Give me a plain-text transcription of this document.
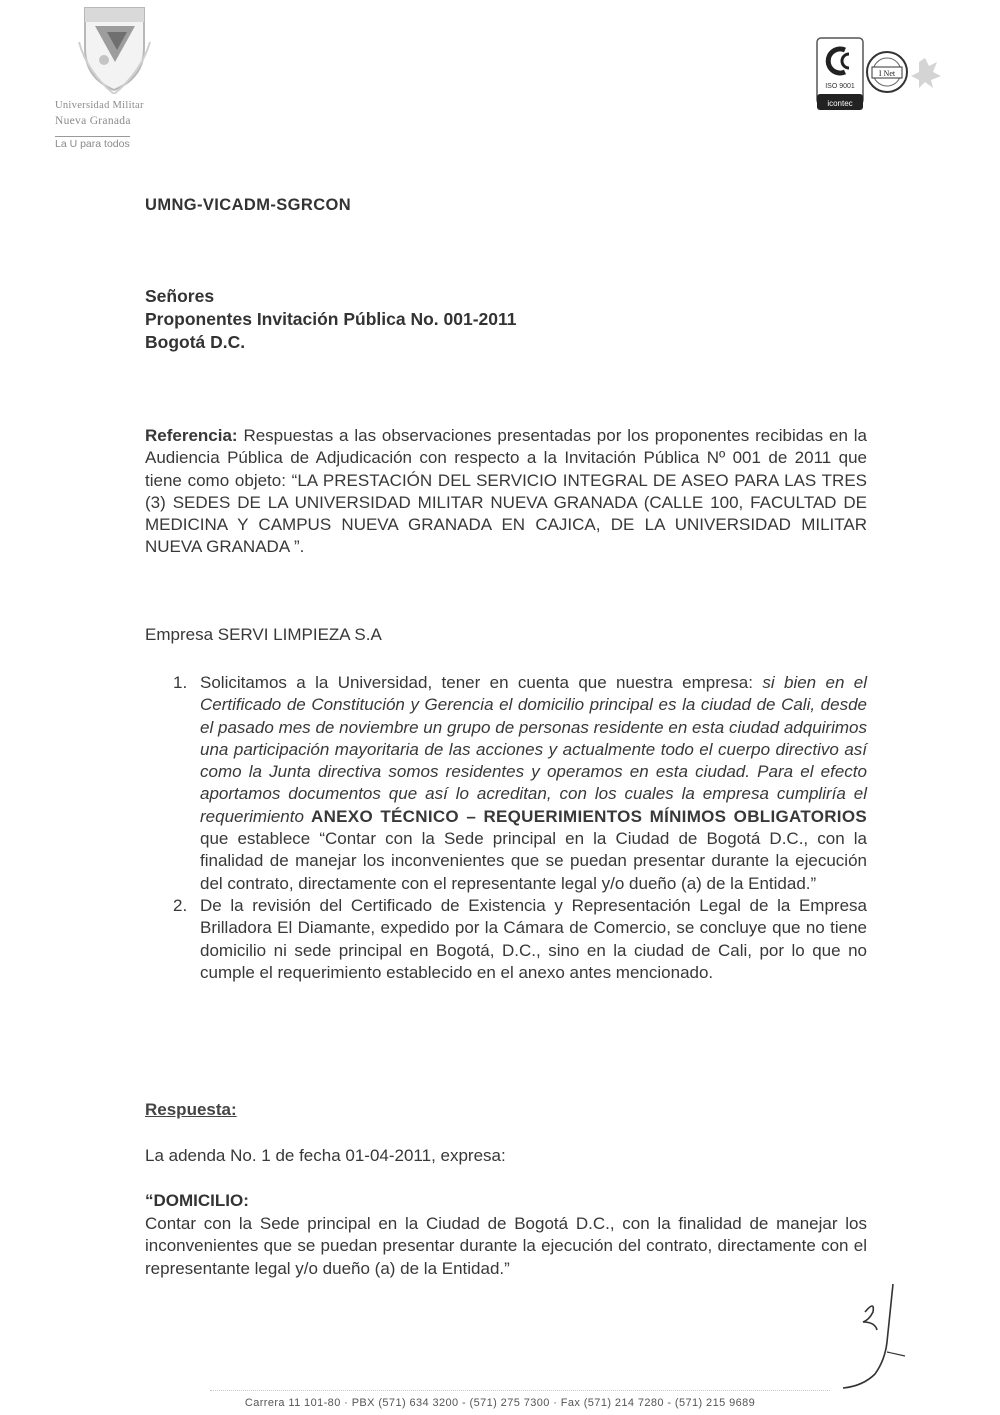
Universidad Militar
Nueva Granada
La U para todos
ISO 9001
icontec
I Net
UMNG-VICADM-SGRCON
Señores
Proponentes Invitación Pública No. 001-2011
Bogotá D.C.
Referencia: Respuestas a las observaciones presentadas por los proponentes recibidas en la Audiencia Pública de Adjudicación con respecto a la Invitación Pública Nº 001 de 2011 que tiene como objeto: “LA PRESTACIÓN DEL SERVICIO INTEGRAL DE ASEO PARA LAS TRES (3) SEDES DE LA UNIVERSIDAD MILITAR NUEVA GRANADA (CALLE 100, FACULTAD DE MEDICINA Y CAMPUS NUEVA GRANADA EN CAJICA, DE LA UNIVERSIDAD MILITAR NUEVA GRANADA ”.
Empresa SERVI LIMPIEZA S.A
1. Solicitamos a la Universidad, tener en cuenta que nuestra empresa: si bien en el Certificado de Constitución y Gerencia el domicilio principal es la ciudad de Cali, desde el pasado mes de noviembre un grupo de personas residente en esta ciudad adquirimos una participación mayoritaria de las acciones y actualmente todo el cuerpo directivo así como la Junta directiva somos residentes y operamos en esta ciudad. Para el efecto aportamos documentos que así lo acreditan, con los cuales la empresa cumpliría el requerimiento ANEXO TÉCNICO – REQUERIMIENTOS MÍNIMOS OBLIGATORIOS que establece “Contar con la Sede principal en la Ciudad de Bogotá D.C., con la finalidad de manejar los inconvenientes que se puedan presentar durante la ejecución del contrato, directamente con el representante legal y/o dueño (a) de la Entidad.”
2. De la revisión del Certificado de Existencia y Representación Legal de la Empresa Brilladora El Diamante, expedido por la Cámara de Comercio, se concluye que no tiene domicilio ni sede principal en Bogotá, D.C., sino en la ciudad de Cali, por lo que no cumple el requerimiento establecido en el anexo antes mencionado.
Respuesta:
La adenda No. 1 de fecha 01-04-2011, expresa:
“DOMICILIO:
Contar con la Sede principal en la Ciudad de Bogotá D.C., con la finalidad de manejar los inconvenientes que se puedan presentar durante la ejecución del contrato, directamente con el representante legal y/o dueño (a) de la Entidad.”
Carrera 11 101-80 · PBX (571) 634 3200 - (571) 275 7300 · Fax (571) 214 7280 - (571) 215 9689
